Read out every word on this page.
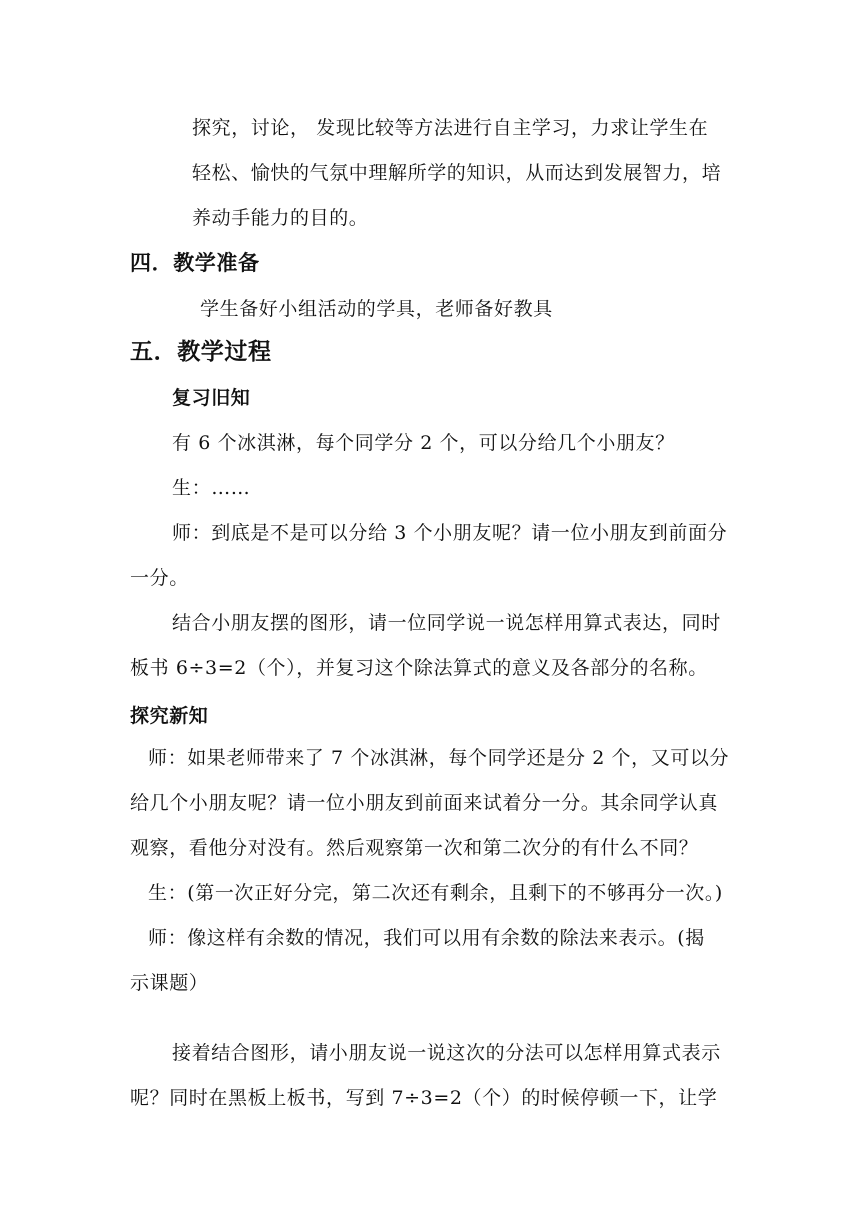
探究，讨论， 发现比较等方法进行自主学习，力求让学生在
轻松、愉快的气氛中理解所学的知识，从而达到发展智力，培
养动手能力的目的。
四．教学准备
学生备好小组活动的学具，老师备好教具
五．教学过程
复习旧知
有 6 个冰淇淋，每个同学分 2 个，可以分给几个小朋友？
生：……
师：到底是不是可以分给 3 个小朋友呢？请一位小朋友到前面分
一分。
结合小朋友摆的图形，请一位同学说一说怎样用算式表达，同时
板书 6÷3=2（个），并复习这个除法算式的意义及各部分的名称。
探究新知
师：如果老师带来了 7 个冰淇淋，每个同学还是分 2 个，又可以分
给几个小朋友呢？请一位小朋友到前面来试着分一分。其余同学认真
观察，看他分对没有。然后观察第一次和第二次分的有什么不同？
生：(第一次正好分完，第二次还有剩余，且剩下的不够再分一次。)
师：像这样有余数的情况，我们可以用有余数的除法来表示。(揭
示课题）
接着结合图形，请小朋友说一说这次的分法可以怎样用算式表示
呢？同时在黑板上板书，写到 7÷3=2（个）的时候停顿一下，让学
